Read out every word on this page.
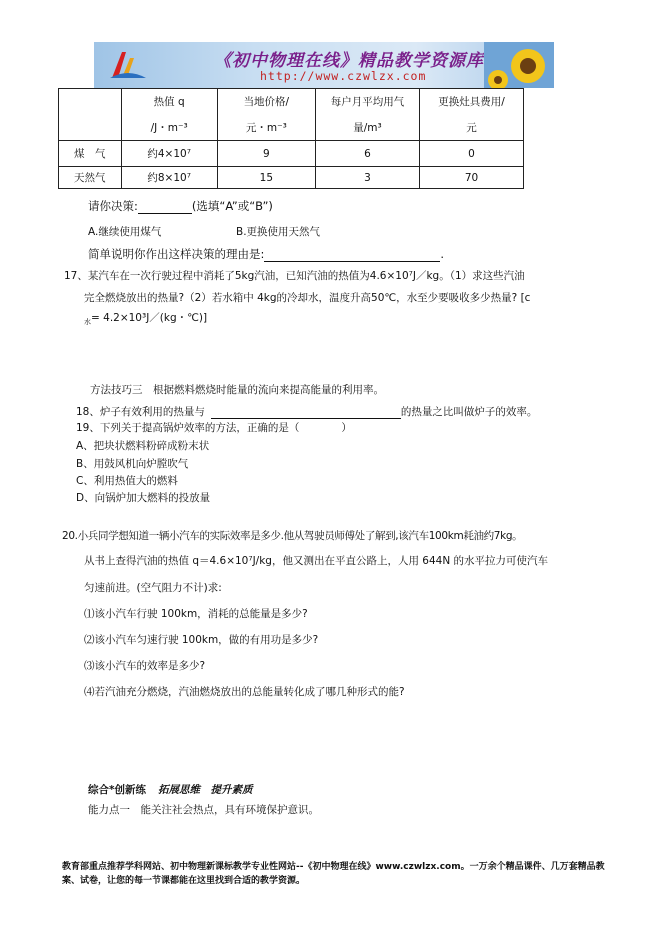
《初中物理在线》精品教学资源库
http://www.czwlzx.com
	热值 q	当地价格/	每户月平均用气	更换灶具费用/
	/J・m⁻³	元・m⁻³	量/m³	元
煤　气	约4×10⁷	9	6	0
天然气	约8×10⁷	15	3	70
请你决策:	(选填“A”或“B”)
A.继续使用煤气	B.更换使用天然气
简单说明你作出这样决策的理由是:	.
17、某汽车在一次行驶过程中消耗了5kg汽油，已知汽油的热值为4.6×10⁷J／kg。（1）求这些汽油
完全燃烧放出的热量?（2）若水箱中 4kg的冷却水，温度升高50℃，水至少要吸收多少热量? [c
$_水$= 4.2×10³J／(kg・℃)]
方法技巧三　根据燃料燃烧时能量的流向来提高能量的利用率。
18、炉子有效利用的热量与	的热量之比叫做炉子的效率。
19、下列关于提高锅炉效率的方法，正确的是（　　　　）
A、把块状燃料粉碎成粉末状
B、用鼓风机向炉膛吹气
C、利用热值大的燃料
D、向锅炉加大燃料的投放量
20.小兵同学想知道一辆小汽车的实际效率是多少.他从驾驶员师傅处了解到,该汽车100km耗油约7kg。
从书上查得汽油的热值 q＝4.6×10⁷J/kg，他又测出在平直公路上，人用 644N 的水平拉力可使汽车
匀速前进。(空气阻力不计)求:
⑴该小汽车行驶 100km，消耗的总能量是多少?
⑵该小汽车匀速行驶 100km，做的有用功是多少?
⑶该小汽车的效率是多少?
⑷若汽油充分燃烧，汽油燃烧放出的总能量转化成了哪几种形式的能?
综合*创新练 拓展思维　提升素质
能力点一　能关注社会热点，具有环境保护意识。
教育部重点推荐学科网站、初中物理新课标教学专业性网站--《初中物理在线》www.czwlzx.com。一万余个精品课件、几万套精品教案、试卷，让您的每一节课都能在这里找到合适的教学资源。
